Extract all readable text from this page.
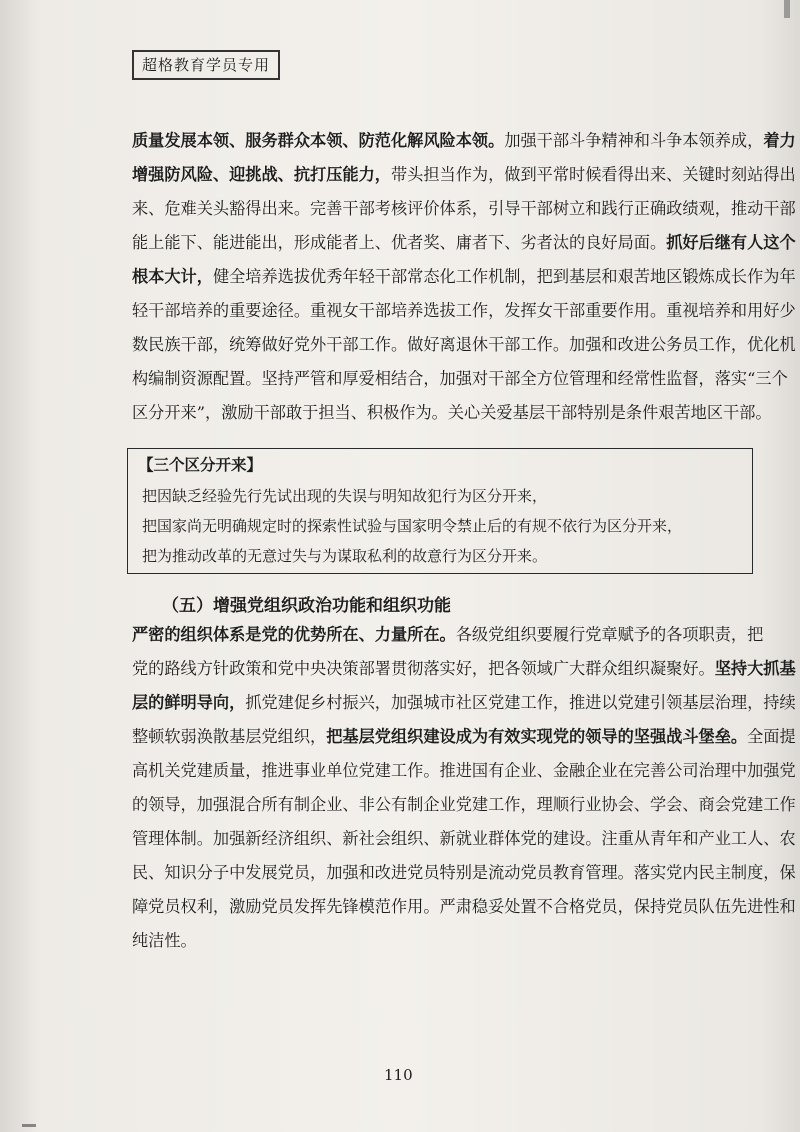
超格教育学员专用
质量发展本领、服务群众本领、防范化解风险本领。加强干部斗争精神和斗争本领养成，着力
增强防风险、迎挑战、抗打压能力，带头担当作为，做到平常时候看得出来、关键时刻站得出
来、危难关头豁得出来。完善干部考核评价体系，引导干部树立和践行正确政绩观，推动干部
能上能下、能进能出，形成能者上、优者奖、庸者下、劣者汰的良好局面。抓好后继有人这个
根本大计，健全培养选拔优秀年轻干部常态化工作机制，把到基层和艰苦地区锻炼成长作为年
轻干部培养的重要途径。重视女干部培养选拔工作，发挥女干部重要作用。重视培养和用好少
数民族干部，统筹做好党外干部工作。做好离退休干部工作。加强和改进公务员工作，优化机
构编制资源配置。坚持严管和厚爱相结合，加强对干部全方位管理和经常性监督，落实“三个
区分开来”，激励干部敢于担当、积极作为。关心关爱基层干部特别是条件艰苦地区干部。
【三个区分开来】
把因缺乏经验先行先试出现的失误与明知故犯行为区分开来，
把国家尚无明确规定时的探索性试验与国家明令禁止后的有规不依行为区分开来，
把为推动改革的无意过失与为谋取私利的故意行为区分开来。
（五）增强党组织政治功能和组织功能
严密的组织体系是党的优势所在、力量所在。各级党组织要履行党章赋予的各项职责，把
党的路线方针政策和党中央决策部署贯彻落实好，把各领域广大群众组织凝聚好。坚持大抓基
层的鲜明导向，抓党建促乡村振兴，加强城市社区党建工作，推进以党建引领基层治理，持续
整顿软弱涣散基层党组织，把基层党组织建设成为有效实现党的领导的坚强战斗堡垒。全面提
高机关党建质量，推进事业单位党建工作。推进国有企业、金融企业在完善公司治理中加强党
的领导，加强混合所有制企业、非公有制企业党建工作，理顺行业协会、学会、商会党建工作
管理体制。加强新经济组织、新社会组织、新就业群体党的建设。注重从青年和产业工人、农
民、知识分子中发展党员，加强和改进党员特别是流动党员教育管理。落实党内民主制度，保
障党员权利，激励党员发挥先锋模范作用。严肃稳妥处置不合格党员，保持党员队伍先进性和
纯洁性。
110
